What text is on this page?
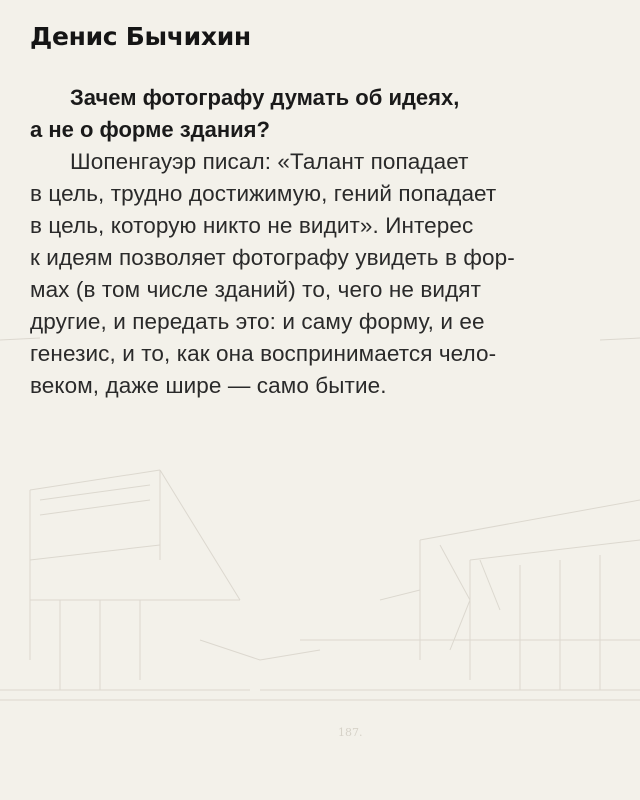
187.
Денис Бычихин
Зачем фотографу думать об идеях,
а не о форме здания?
Шопенгауэр писал: «Талант попадает
в цель, трудно достижимую, гений попадает
в цель, которую никто не видит». Интерес
к идеям позволяет фотографу увидеть в фор-
мах (в том числе зданий) то, чего не видят
другие, и передать это: и саму форму, и ее
генезис, и то, как она воспринимается чело-
веком, даже шире — само бытие.
